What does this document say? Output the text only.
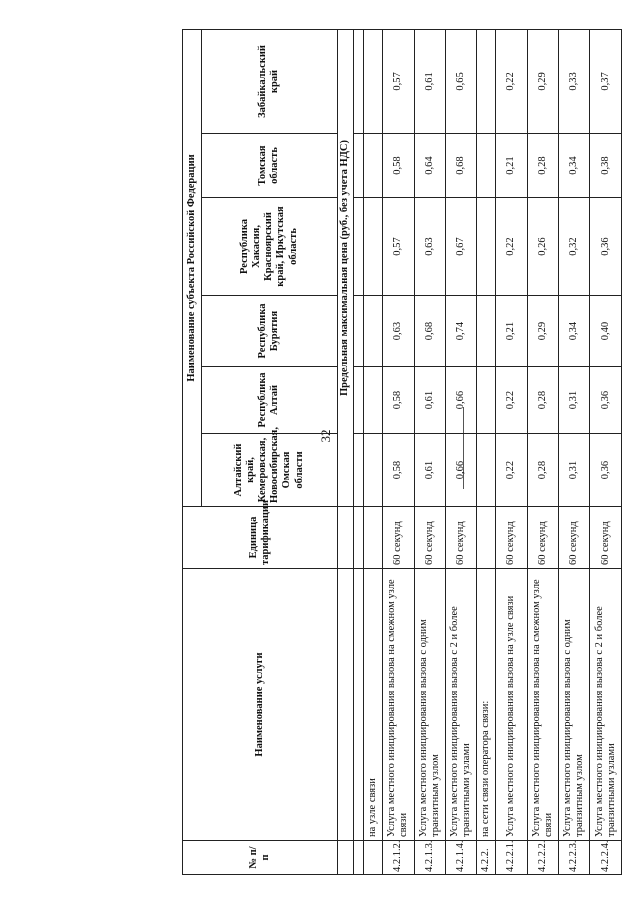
32
№ п/п	Наименование услуги	Единица тарификации	Наименование субъекта Российской Федерации					
			Алтайский край, Кемеровская, Новосибирская, Омская области	Республика Алтай	Республика Бурятия	Республика Хакасия, Красноярский край, Иркутская область	Томская область	Забайкальский край
			Предельная максимальная цена (руб., без учета НДС)					

	на узле связи							
4.2.1.2.	Услуга местного инициирования вызова на смежном узле связи	60 секунд	0,58	0,58	0,63	0,57	0,58	0,57
4.2.1.3.	Услуга местного инициирования вызова с одним транзитным узлом	60 секунд	0,61	0,61	0,68	0,63	0,64	0,61
4.2.1.4.	Услуга местного инициирования вызова с 2 и более транзитными узлами	60 секунд	0,66	0,66	0,74	0,67	0,68	0,65
4.2.2.	на сети связи оператора связи:							
4.2.2.1.	Услуга местного инициирования вызова на узле связи	60 секунд	0,22	0,22	0,21	0,22	0,21	0,22
4.2.2.2.	Услуга местного инициирования вызова на смежном узле связи	60 секунд	0,28	0,28	0,29	0,26	0,28	0,29
4.2.2.3.	Услуга местного инициирования вызова с одним транзитным узлом	60 секунд	0,31	0,31	0,34	0,32	0,34	0,33
4.2.2.4.	Услуга местного инициирования вызова с 2 и более транзитными узлами	60 секунд	0,36	0,36	0,40	0,36	0,38	0,37
